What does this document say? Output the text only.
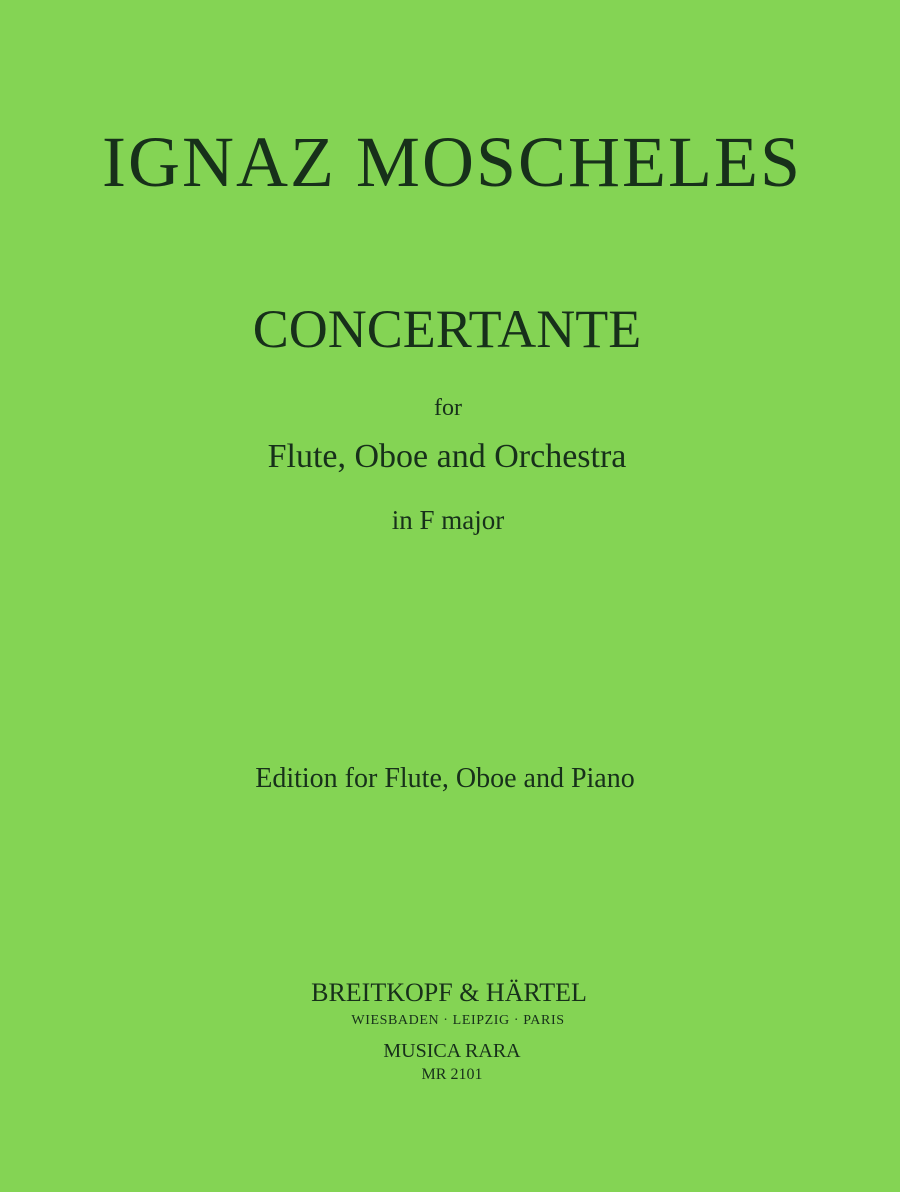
IGNAZ MOSCHELES
CONCERTANTE
for
Flute, Oboe and Orchestra
in F major
Edition for Flute, Oboe and Piano
BREITKOPF & HÄRTEL
WIESBADEN · LEIPZIG · PARIS
MUSICA RARA
MR 2101
